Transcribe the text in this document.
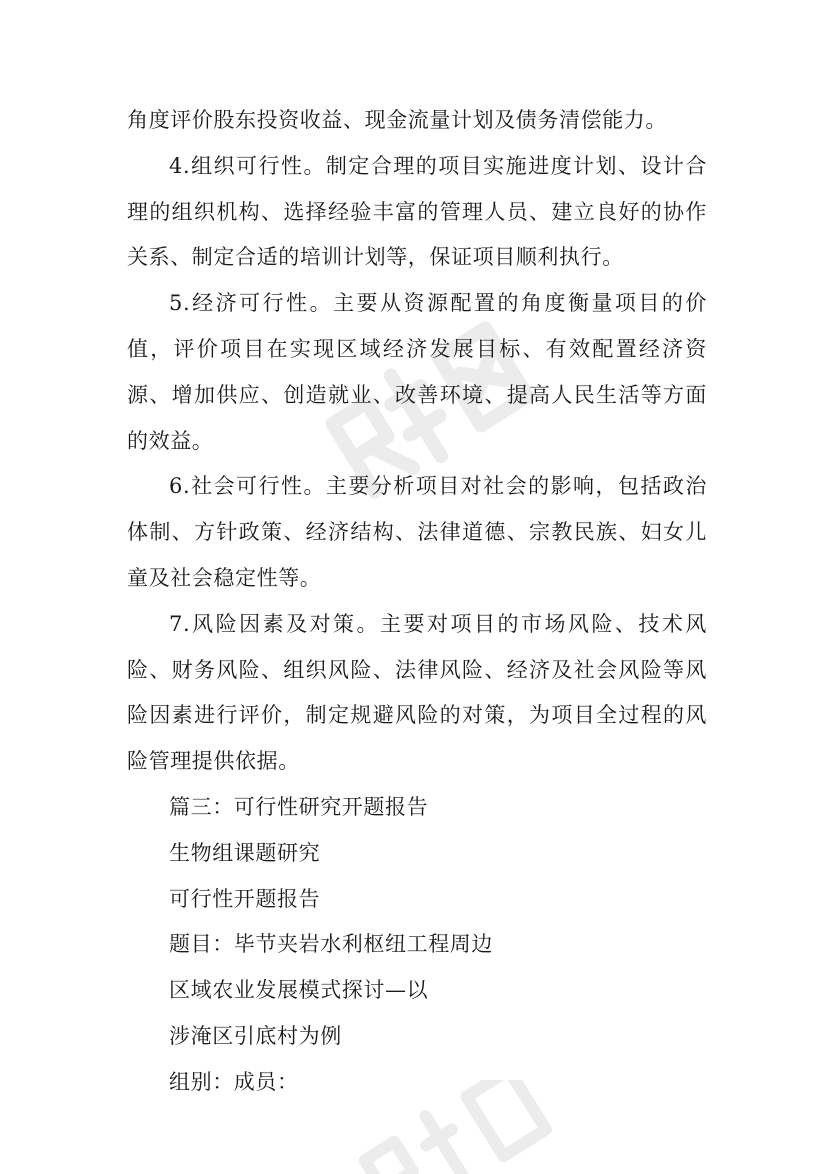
角度评价股东投资收益、现金流量计划及债务清偿能力。

4.组织可行性。制定合理的项目实施进度计划、设计合理的组织机构、选择经验丰富的管理人员、建立良好的协作关系、制定合适的培训计划等，保证项目顺利执行。

5.经济可行性。主要从资源配置的角度衡量项目的价值，评价项目在实现区域经济发展目标、有效配置经济资源、增加供应、创造就业、改善环境、提高人民生活等方面的效益。

6.社会可行性。主要分析项目对社会的影响，包括政治体制、方针政策、经济结构、法律道德、宗教民族、妇女儿童及社会稳定性等。

7.风险因素及对策。主要对项目的市场风险、技术风险、财务风险、组织风险、法律风险、经济及社会风险等风险因素进行评价，制定规避风险的对策，为项目全过程的风险管理提供依据。

篇三：可行性研究开题报告

生物组课题研究

可行性开题报告

题目：毕节夹岩水利枢纽工程周边

区域农业发展模式探讨—以

涉淹区引底村为例

组别：成员：
